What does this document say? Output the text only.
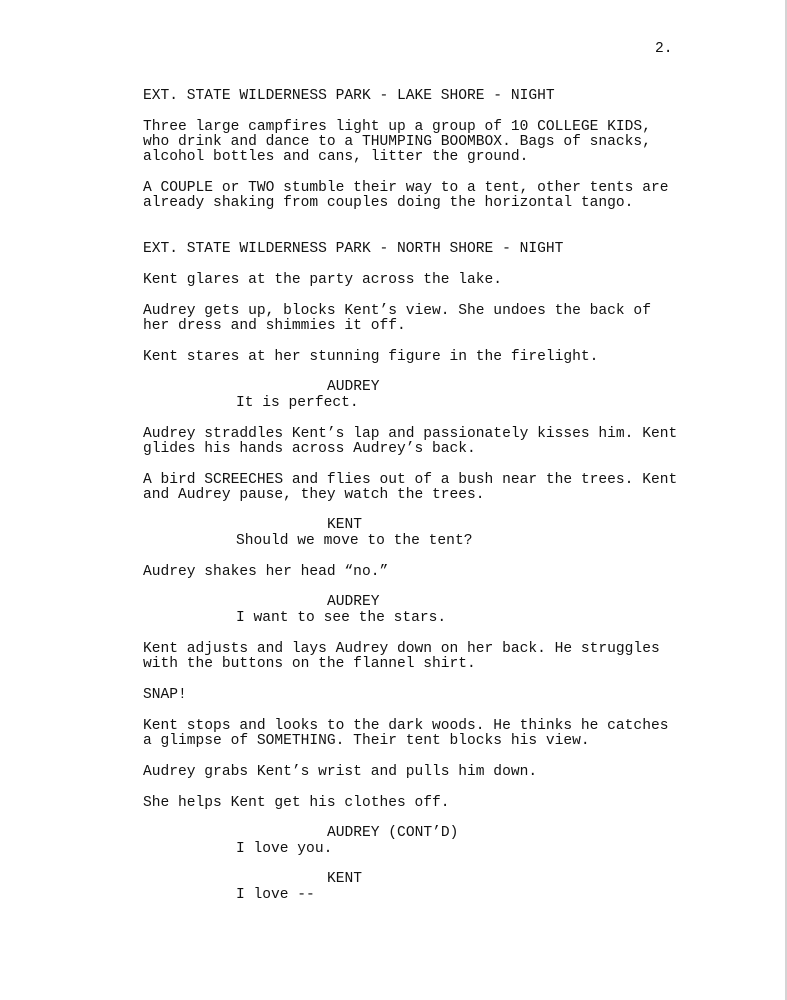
2.
EXT. STATE WILDERNESS PARK - LAKE SHORE - NIGHT
Three large campfires light up a group of 10 COLLEGE KIDS,
who drink and dance to a THUMPING BOOMBOX. Bags of snacks,
alcohol bottles and cans, litter the ground.
A COUPLE or TWO stumble their way to a tent, other tents are
already shaking from couples doing the horizontal tango.
EXT. STATE WILDERNESS PARK - NORTH SHORE - NIGHT
Kent glares at the party across the lake.
Audrey gets up, blocks Kent’s view. She undoes the back of
her dress and shimmies it off.
Kent stares at her stunning figure in the firelight.
AUDREY
It is perfect.
Audrey straddles Kent’s lap and passionately kisses him. Kent
glides his hands across Audrey’s back.
A bird SCREECHES and flies out of a bush near the trees. Kent
and Audrey pause, they watch the trees.
KENT
Should we move to the tent?
Audrey shakes her head “no.”
AUDREY
I want to see the stars.
Kent adjusts and lays Audrey down on her back. He struggles
with the buttons on the flannel shirt.
SNAP!
Kent stops and looks to the dark woods. He thinks he catches
a glimpse of SOMETHING. Their tent blocks his view.
Audrey grabs Kent’s wrist and pulls him down.
She helps Kent get his clothes off.
AUDREY (CONT’D)
I love you.
KENT
I love --
